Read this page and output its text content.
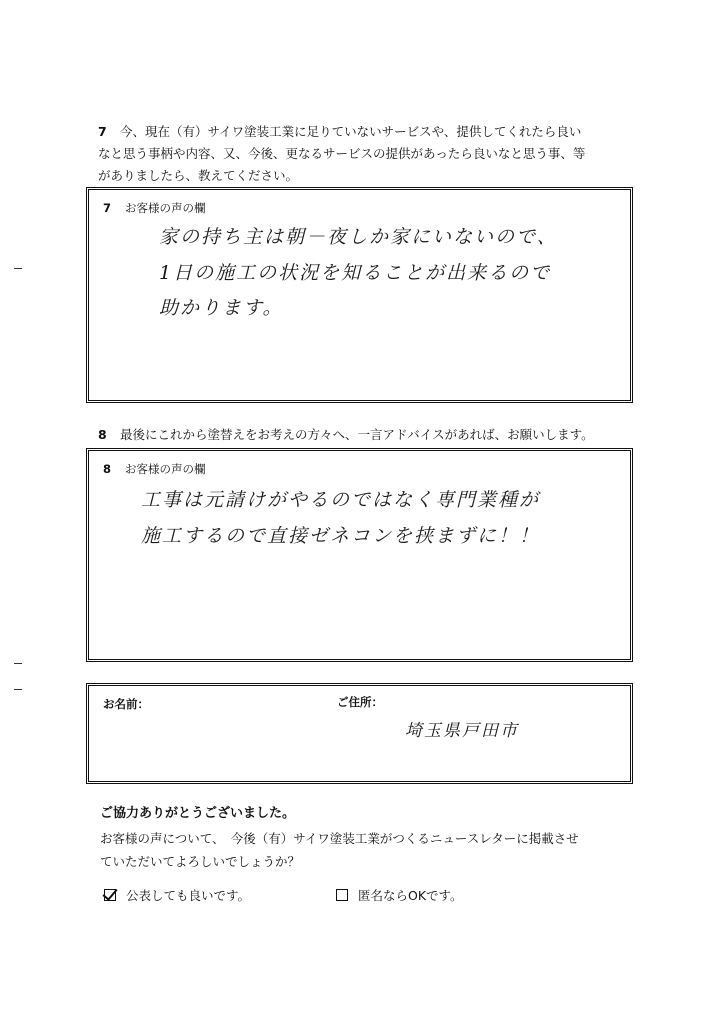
7 今、現在（有）サイワ塗装工業に足りていないサービスや、提供してくれたら良い
なと思う事柄や内容、又、今後、更なるサービスの提供があったら良いなと思う事、等
がありましたら、教えてください。
7 お客様の声の欄
家の持ち主は朝－夜しか家にいないので、
1日の施工の状況を知ることが出来るので
助かります。
8 最後にこれから塗替えをお考えの方々へ、一言アドバイスがあれば、お願いします。
8 お客様の声の欄
工事は元請けがやるのではなく専門業種が
施工するので直接ゼネコンを挟まずに！！
お名前：	ご住所：
埼玉県戸田市
ご協力ありがとうございました。
お客様の声について、　今後（有）サイワ塗装工業がつくるニュースレターに掲載させ
ていただいてよろしいでしょうか？
公表しても良いです。	匿名ならOKです。
